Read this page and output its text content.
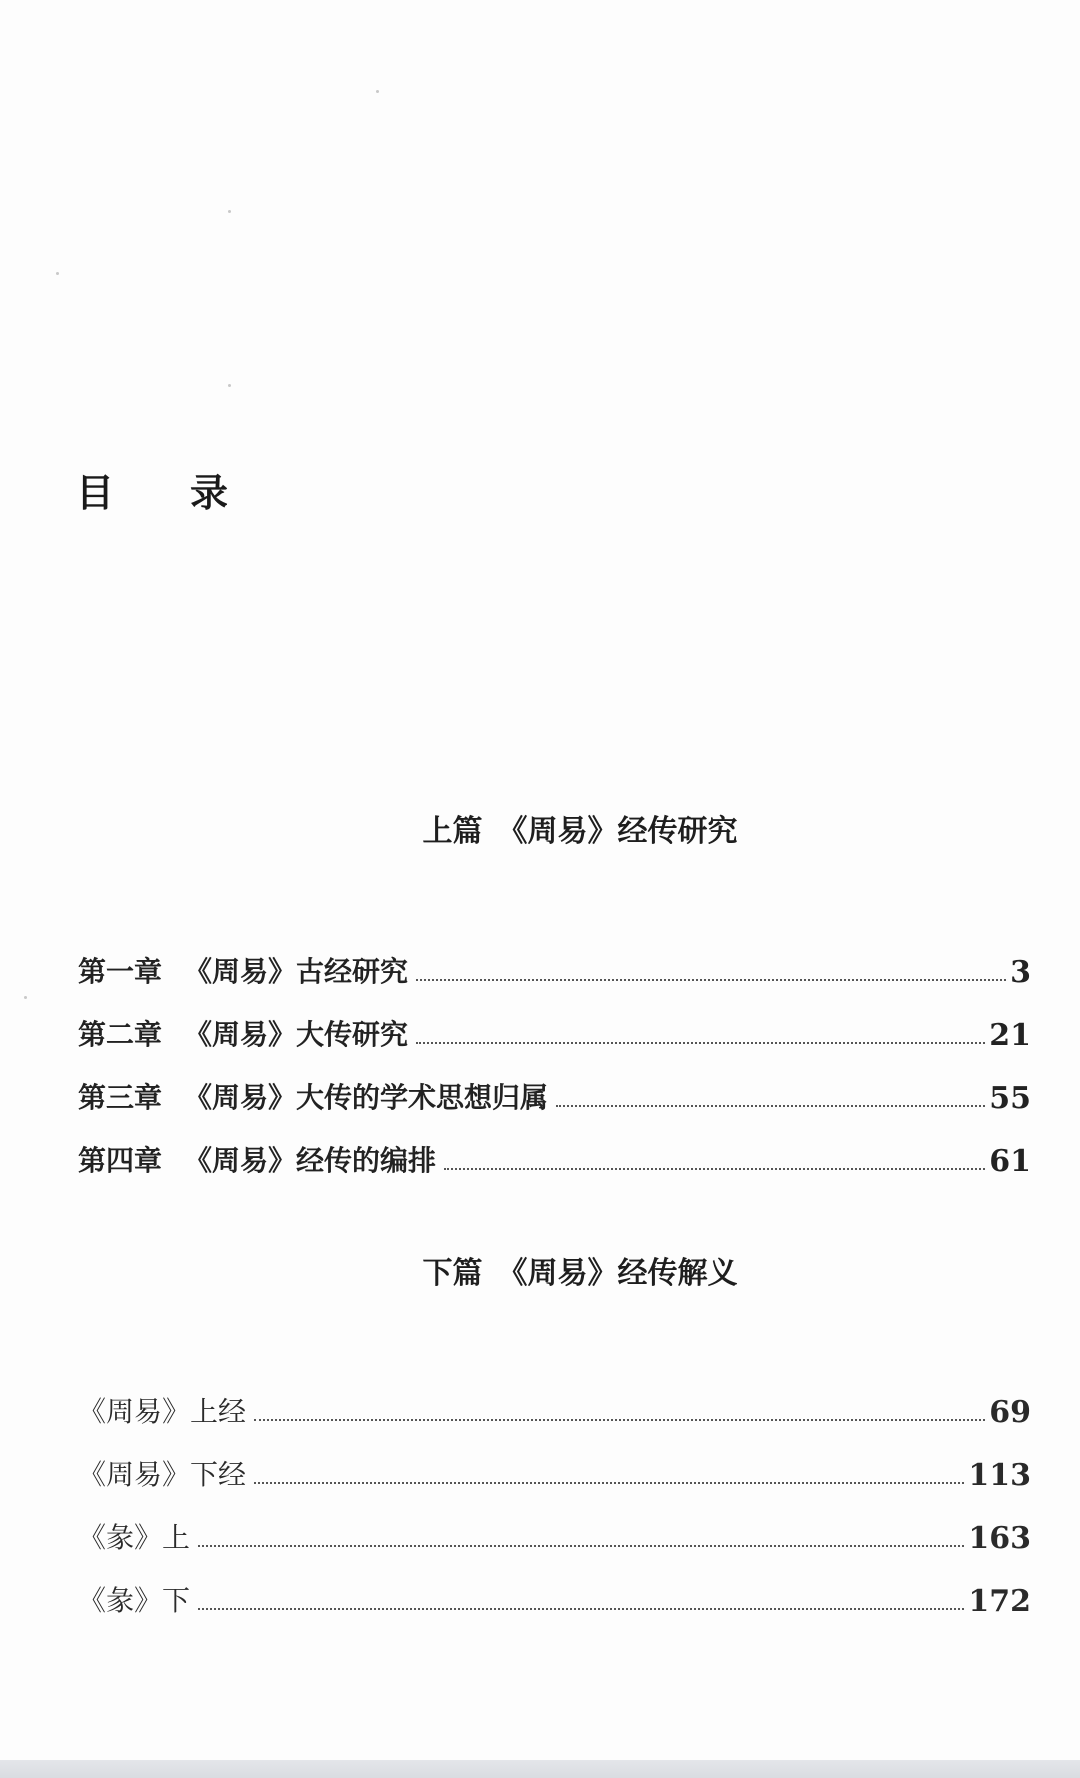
目　　录
上篇　《周易》经传研究
第一章 《周易》古经研究	3
第二章 《周易》大传研究	21
第三章 《周易》大传的学术思想归属	55
第四章 《周易》经传的编排	61
下篇　《周易》经传解义
《周易》上经	69
《周易》下经	113
《彖》上	163
《彖》下	172
